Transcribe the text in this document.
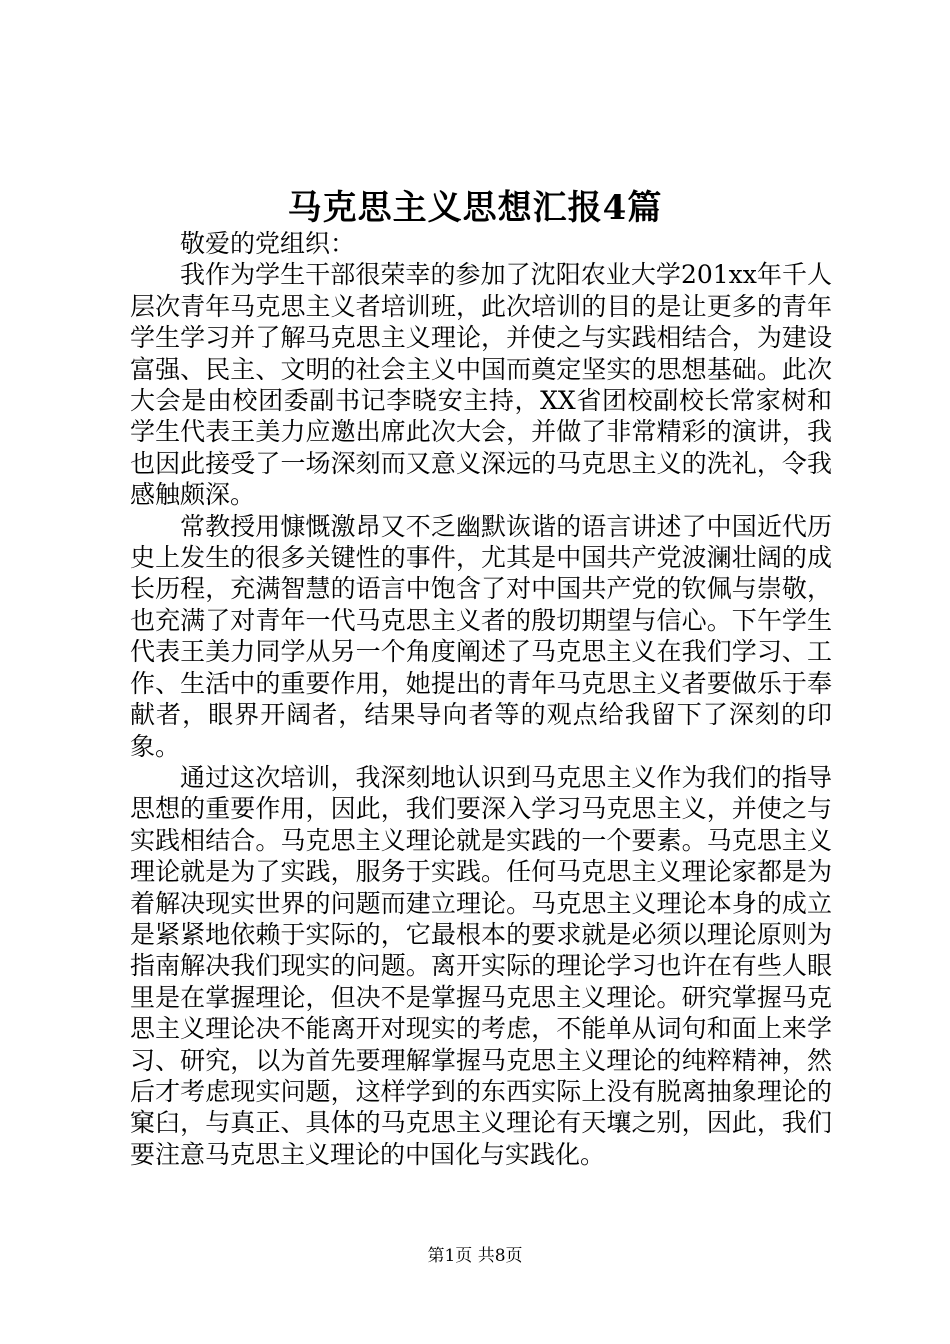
马克思主义思想汇报4篇

敬爱的党组织：

我作为学生干部很荣幸的参加了沈阳农业大学201xx年千人层次青年马克思主义者培训班，此次培训的目的是让更多的青年学生学习并了解马克思主义理论，并使之与实践相结合，为建设富强、民主、文明的社会主义中国而奠定坚实的思想基础。此次大会是由校团委副书记李晓安主持，XX省团校副校长常家树和学生代表王美力应邀出席此次大会，并做了非常精彩的演讲，我也因此接受了一场深刻而又意义深远的马克思主义的洗礼，令我感触颇深。

常教授用慷慨激昂又不乏幽默诙谐的语言讲述了中国近代历史上发生的很多关键性的事件，尤其是中国共产党波澜壮阔的成长历程，充满智慧的语言中饱含了对中国共产党的钦佩与崇敬，也充满了对青年一代马克思主义者的殷切期望与信心。下午学生代表王美力同学从另一个角度阐述了马克思主义在我们学习、工作、生活中的重要作用，她提出的青年马克思主义者要做乐于奉献者，眼界开阔者，结果导向者等的观点给我留下了深刻的印象。

通过这次培训，我深刻地认识到马克思主义作为我们的指导思想的重要作用，因此，我们要深入学习马克思主义，并使之与实践相结合。马克思主义理论就是实践的一个要素。马克思主义理论就是为了实践，服务于实践。任何马克思主义理论家都是为着解决现实世界的问题而建立理论。马克思主义理论本身的成立是紧紧地依赖于实际的，它最根本的要求就是必须以理论原则为指南解决我们现实的问题。离开实际的理论学习也许在有些人眼里是在掌握理论，但决不是掌握马克思主义理论。研究掌握马克思主义理论决不能离开对现实的考虑，不能单从词句和面上来学习、研究，以为首先要理解掌握马克思主义理论的纯粹精神，然后才考虑现实问题，这样学到的东西实际上没有脱离抽象理论的窠臼，与真正、具体的马克思主义理论有天壤之别，因此，我们要注意马克思主义理论的中国化与实践化。

第1页 共8页
